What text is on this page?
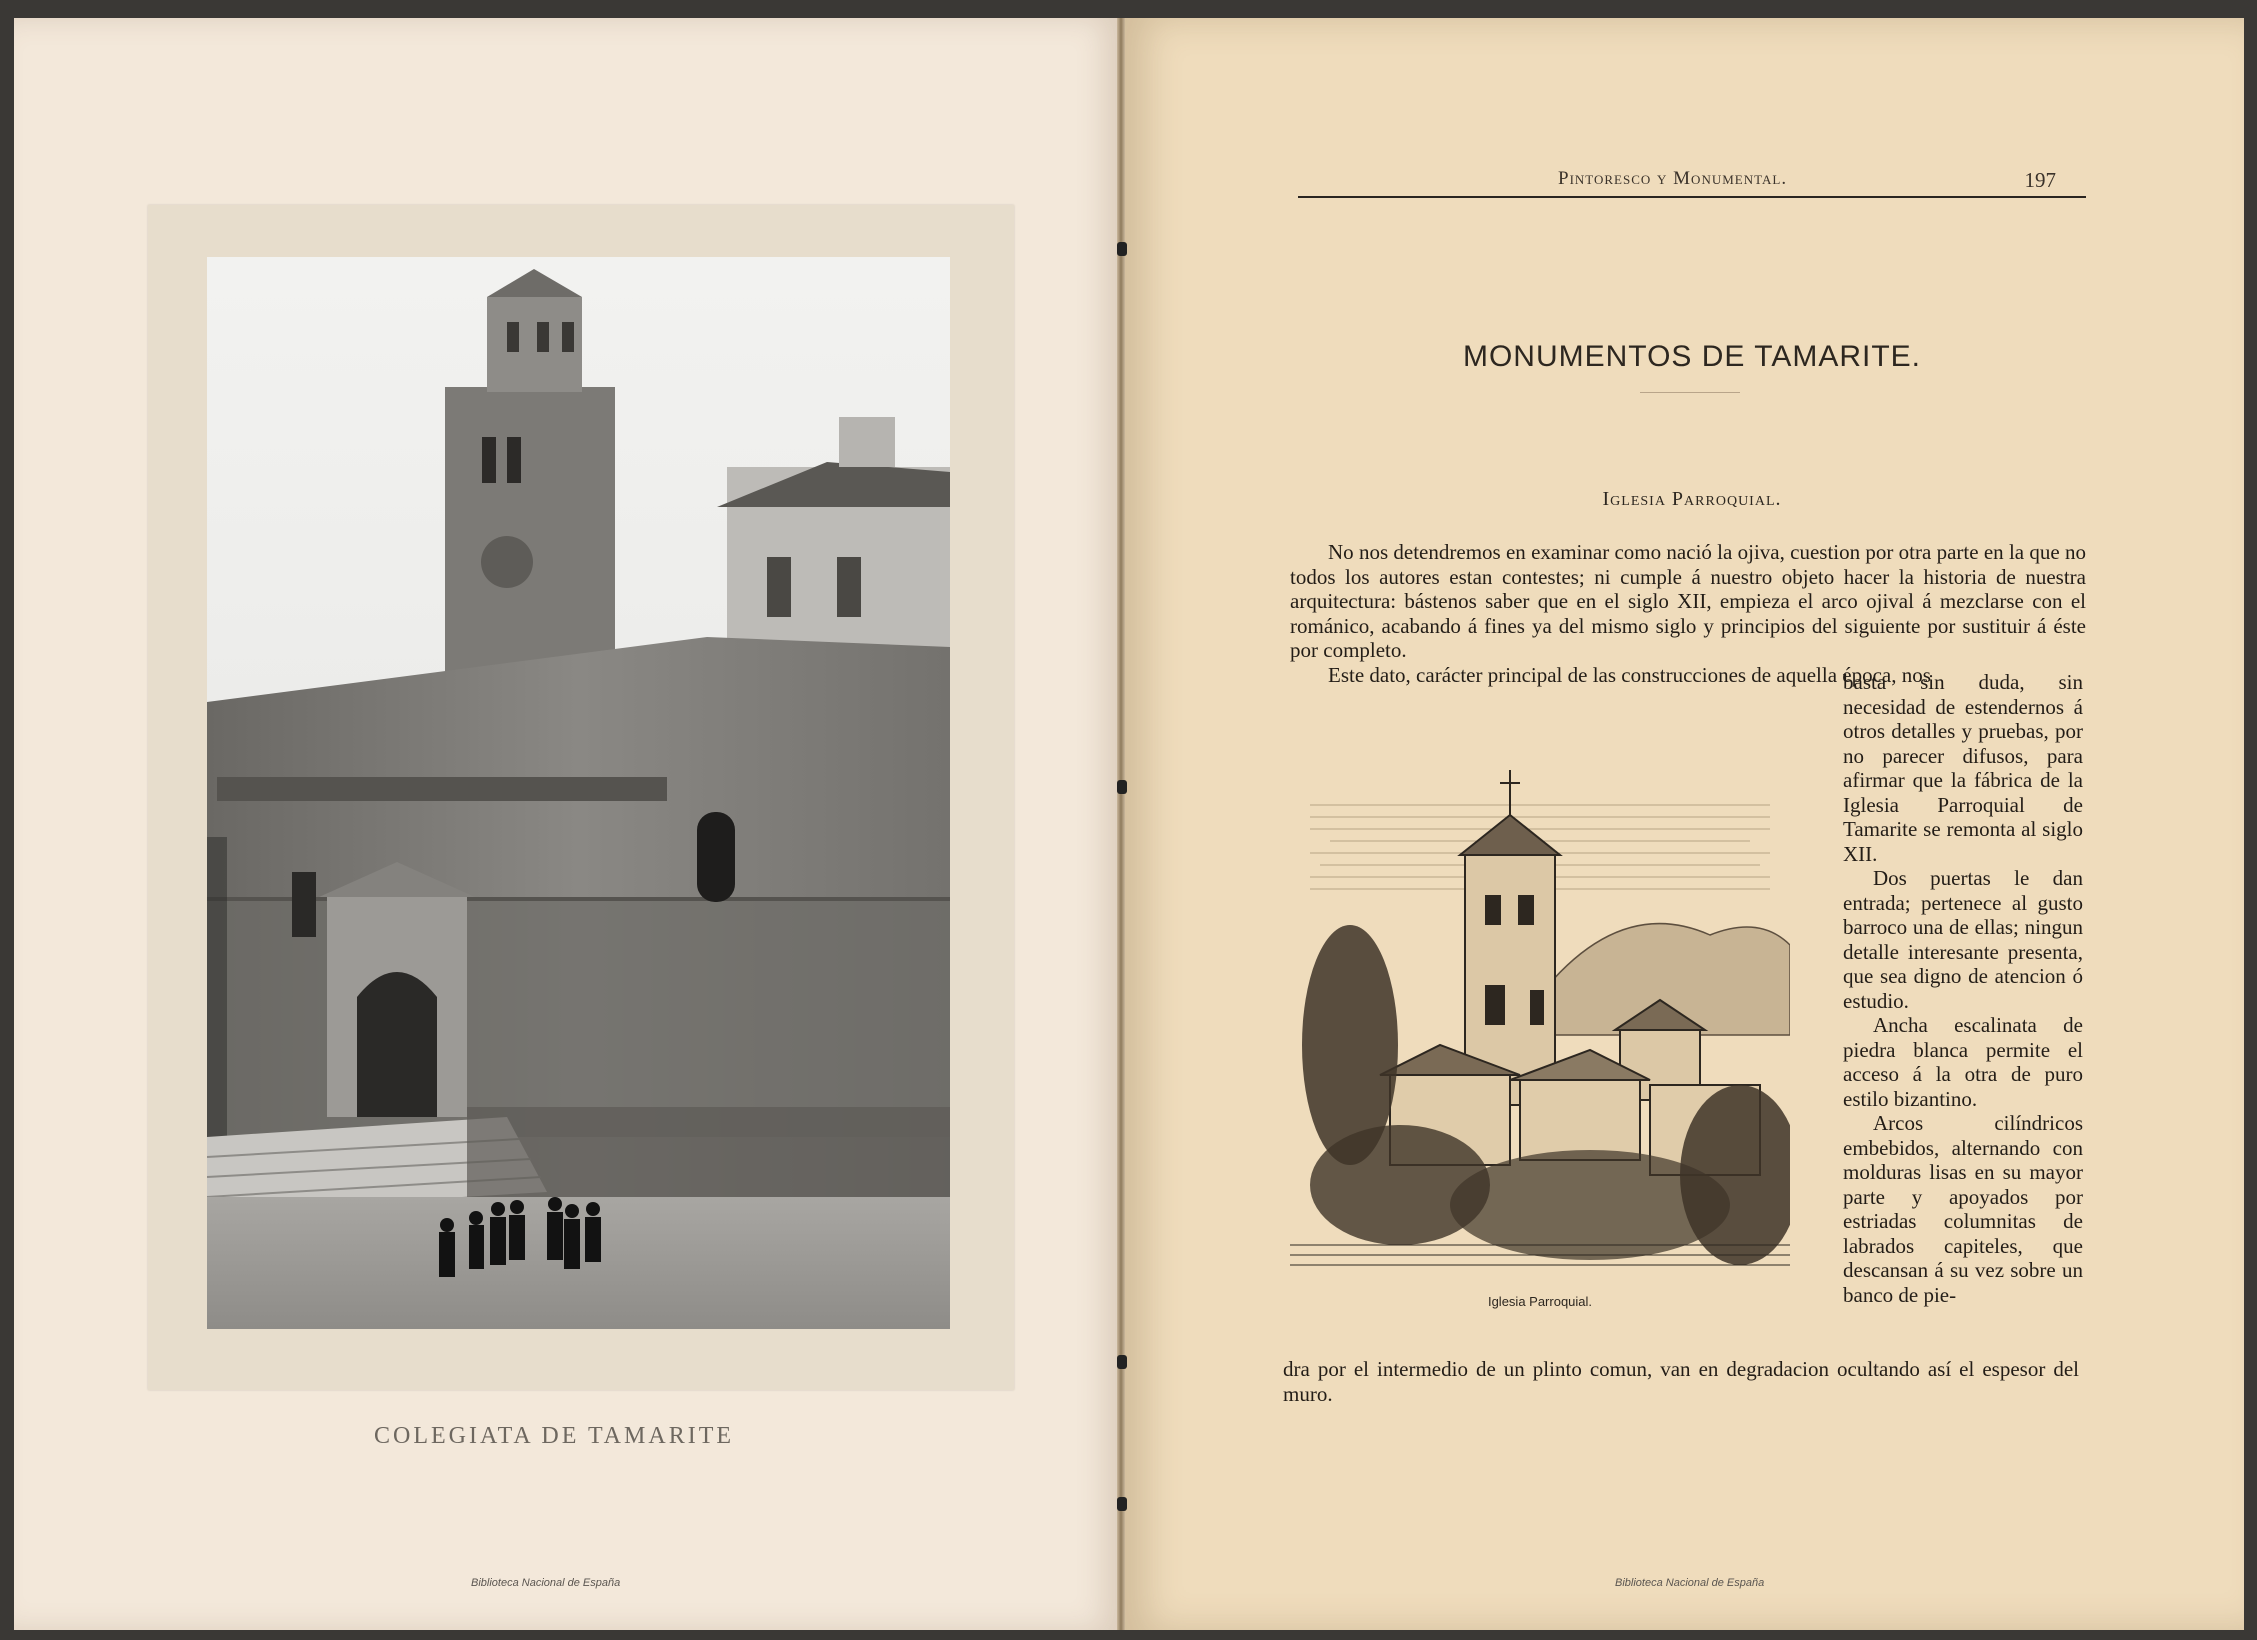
COLEGIATA DE TAMARITE
Biblioteca Nacional de España
Pintoresco y Monumental.	197
MONUMENTOS DE TAMARITE.
Iglesia Parroquial.

No nos detendremos en examinar como nació la ojiva, cuestion por otra parte en la que no todos los autores estan contestes; ni cumple á nuestro objeto hacer la historia de nuestra arquitectura: bástenos saber que en el siglo XII, empieza el arco ojival á mezclarse con el románico, acabando á fines ya del mismo siglo y principios del siguiente por sustituir á éste por completo.

Este dato, carácter principal de las construcciones de aquella época, nos

basta sin duda, sin necesidad de estendernos á otros detalles y pruebas, por no parecer difusos, para afirmar que la fábrica de la Iglesia Parroquial de Tamarite se remonta al siglo XII.

Dos puertas le dan entrada; pertenece al gusto barroco una de ellas; ningun detalle interesante presenta, que sea digno de atencion ó estudio.

Ancha escalinata de piedra blanca permite el acceso á la otra de puro estilo bizantino.

Arcos cilíndricos embebidos, alternando con molduras lisas en su mayor parte y apoyados por estriadas columnitas de labrados capiteles, que descansan á su vez sobre un banco de pie-

Iglesia Parroquial.
dra por el intermedio de un plinto comun, van en degradacion ocultando así el espesor del muro.
Biblioteca Nacional de España
